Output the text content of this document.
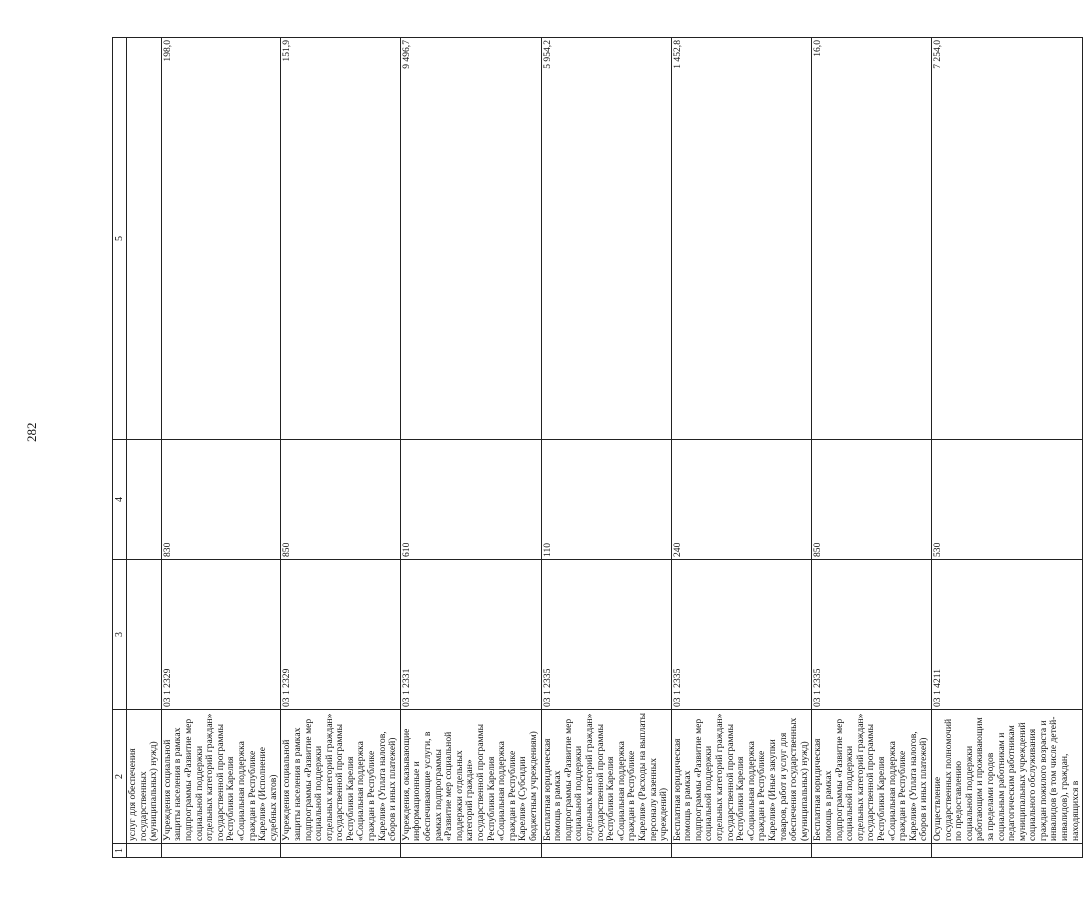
282
1	2	3	4	5
	услуг для обеспечения государственных (муниципальных) нужд)			
	Учреждения социальной защиты населения в рамках подпрограммы «Развитие мер социальной поддержки отдельных категорий граждан» государственной программы Республики Карелия «Социальная поддержка граждан в Республике Карелия» (Исполнение судебных актов)	03 1 2329	830	198,0
	Учреждения социальной защиты населения в рамках подпрограммы «Развитие мер социальной поддержки отдельных категорий граждан» государственной программы Республики Карелия «Социальная поддержка граждан в Республике Карелия» (Уплата налогов, сборов и иных платежей)	03 1 2329	850	151,9
	Учреждения, оказывающие информационные и обеспечивающие услуги, в рамках подпрограммы «Развитие мер социальной поддержки отдельных категорий граждан» государственной программы Республики Карелия «Социальная поддержка граждан в Республике Карелия» (Субсидии бюджетным учреждениям)	03 1 2331	610	9 496,7
	Бесплатная юридическая помощь в рамках подпрограммы «Развитие мер социальной поддержки отдельных категорий граждан» государственной программы Республики Карелия «Социальная поддержка граждан в Республике Карелия» (Расходы на выплаты персоналу казенных учреждений)	03 1 2335	110	5 954,2
	Бесплатная юридическая помощь в рамках подпрограммы «Развитие мер социальной поддержки отдельных категорий граждан» государственной программы Республики Карелия «Социальная поддержка граждан в Республике Карелия» (Иные закупки товаров, работ и услуг для обеспечения государственных (муниципальных) нужд)	03 1 2335	240	1 452,8
	Бесплатная юридическая помощь в рамках подпрограммы «Развитие мер социальной поддержки отдельных категорий граждан» государственной программы Республики Карелия «Социальная поддержка граждан в Республике Карелия» (Уплата налогов, сборов и иных платежей)	03 1 2335	850	16,0
	Осуществление государственных полномочий по предоставлению социальной поддержки работающим и проживающим за пределами городов социальным работникам и педагогическим работникам муниципальных учреждений социального обслуживания граждан пожилого возраста и инвалидов (в том числе детей-инвалидов), граждан, находящихся в	03 1 4211	530	7 254,0
